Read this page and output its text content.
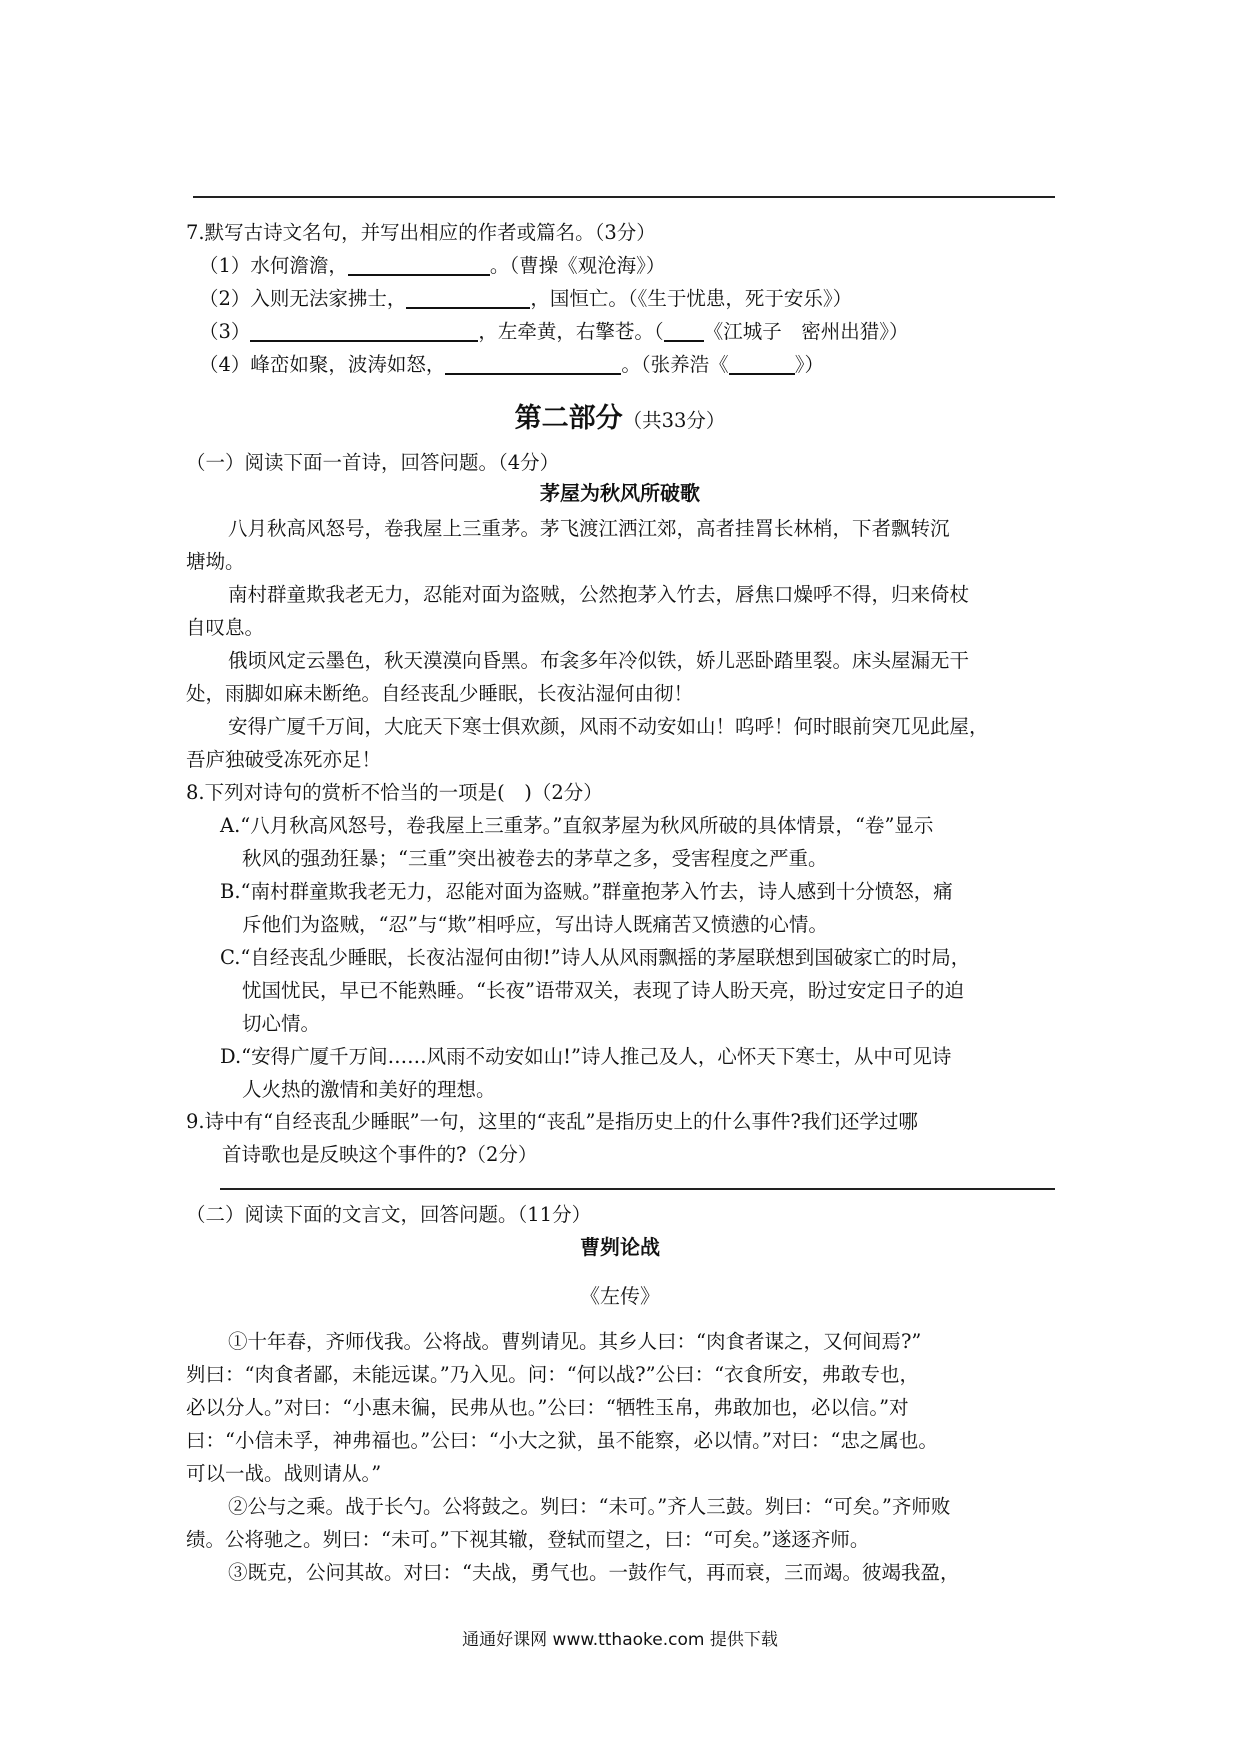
7.默写古诗文名句，并写出相应的作者或篇名。（3分）
（1）水何澹澹，	。（曹操《观沧海》）
（2）入则无法家拂士，	，国恒亡。（《生于忧患，死于安乐》）
（3）	，左牵黄，右擎苍。（ 《江城子　密州出猎》）
（4）峰峦如聚，波涛如怒，	。（张养浩《	》）
第二部分（共33分）
（一）阅读下面一首诗，回答问题。（4分）
茅屋为秋风所破歌
八月秋高风怒号，卷我屋上三重茅。茅飞渡江洒江郊，高者挂罥长林梢，下者飘转沉
塘坳。
南村群童欺我老无力，忍能对面为盗贼，公然抱茅入竹去，唇焦口燥呼不得，归来倚杖
自叹息。
俄顷风定云墨色，秋天漠漠向昏黑。布衾多年冷似铁，娇儿恶卧踏里裂。床头屋漏无干
处，雨脚如麻未断绝。自经丧乱少睡眠，长夜沾湿何由彻！
安得广厦千万间，大庇天下寒士俱欢颜，风雨不动安如山！呜呼！何时眼前突兀见此屋，
吾庐独破受冻死亦足！
8.下列对诗句的赏析不恰当的一项是(　)（2分）
A.“八月秋高风怒号，卷我屋上三重茅。”直叙茅屋为秋风所破的具体情景，“卷”显示
秋风的强劲狂暴；“三重”突出被卷去的茅草之多，受害程度之严重。
B.“南村群童欺我老无力，忍能对面为盗贼。”群童抱茅入竹去，诗人感到十分愤怒，痛
斥他们为盗贼，“忍”与“欺”相呼应，写出诗人既痛苦又愤懑的心情。
C.“自经丧乱少睡眠，长夜沾湿何由彻!”诗人从风雨飘摇的茅屋联想到国破家亡的时局，
忧国忧民，早已不能熟睡。“长夜”语带双关，表现了诗人盼天亮，盼过安定日子的迫
切心情。
D.“安得广厦千万间……风雨不动安如山!”诗人推己及人，心怀天下寒士，从中可见诗
人火热的激情和美好的理想。
9.诗中有“自经丧乱少睡眠”一句，这里的“丧乱”是指历史上的什么事件?我们还学过哪
首诗歌也是反映这个事件的?（2分）
（二）阅读下面的文言文，回答问题。（11分）
曹刿论战
《左传》
①十年春，齐师伐我。公将战。曹刿请见。其乡人曰：“肉食者谋之，又何间焉?”
刿曰：“肉食者鄙，未能远谋。”乃入见。问：“何以战?”公曰：“衣食所安，弗敢专也，
必以分人。”对曰：“小惠未徧，民弗从也。”公曰：“牺牲玉帛，弗敢加也，必以信。”对
曰：“小信未孚，神弗福也。”公曰：“小大之狱，虽不能察，必以情。”对曰：“忠之属也。
可以一战。战则请从。”
②公与之乘。战于长勺。公将鼓之。刿曰：“未可。”齐人三鼓。刿曰：“可矣。”齐师败
绩。公将驰之。刿曰：“未可。”下视其辙，登轼而望之，曰：“可矣。”遂逐齐师。
③既克，公问其故。对曰：“夫战，勇气也。一鼓作气，再而衰，三而竭。彼竭我盈，
通通好课网 www.tthaoke.com 提供下载
